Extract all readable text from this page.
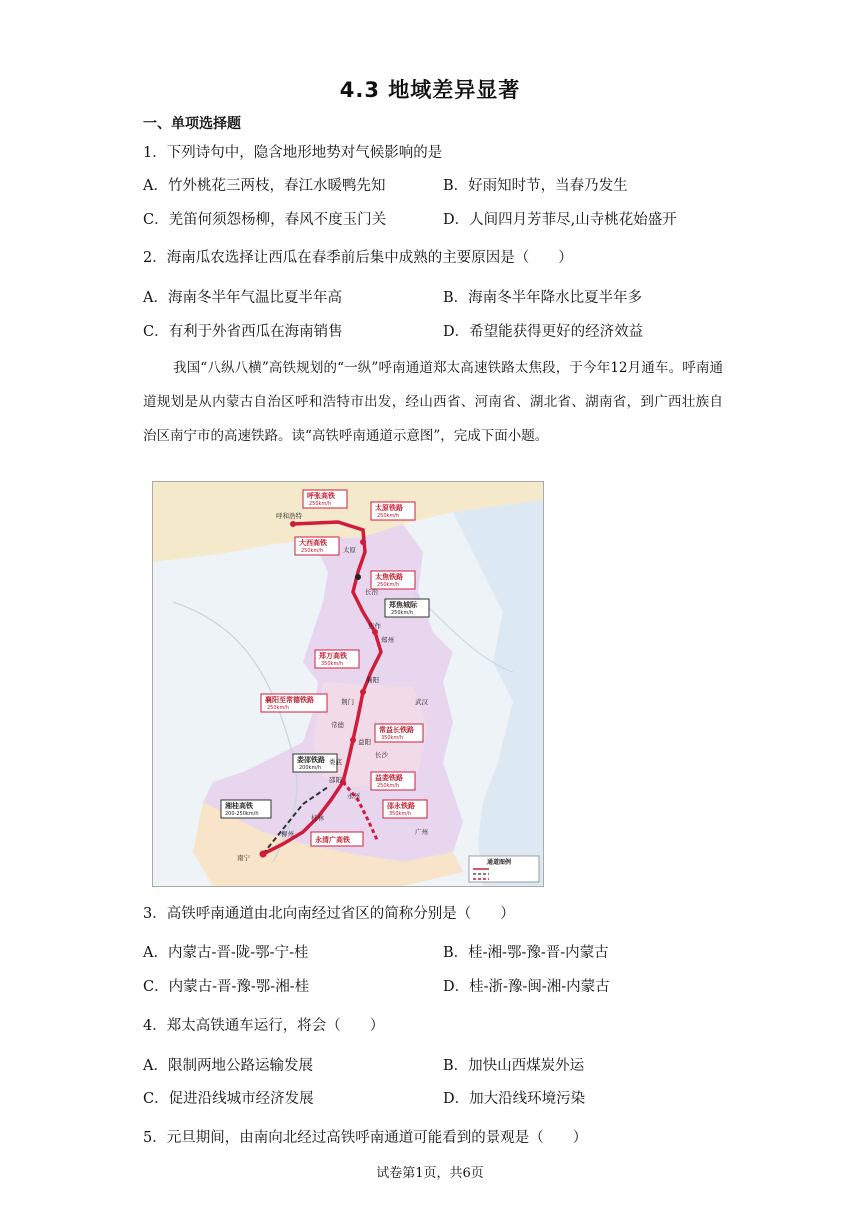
4.3 地域差异显著
一、单项选择题
1．下列诗句中，隐含地形地势对气候影响的是
A．竹外桃花三两枝，春江水暖鸭先知	B．好雨知时节，当春乃发生
C．羌笛何须怨杨柳，春风不度玉门关	D．人间四月芳菲尽,山寺桃花始盛开
2．海南瓜农选择让西瓜在春季前后集中成熟的主要原因是（　　）
A．海南冬半年气温比夏半年高	B．海南冬半年降水比夏半年多
C．有利于外省西瓜在海南销售	D．希望能获得更好的经济效益
我国“八纵八横”高铁规划的“一纵”呼南通道郑太高速铁路太焦段，于今年12月通车。呼南通道规划是从内蒙古自治区呼和浩特市出发，经山西省、河南省、湖北省、湖南省，到广西壮族自治区南宁市的高速铁路。读“高铁呼南通道示意图”，完成下面小题。
呼张高铁
250km/h
大西高铁
250km/h
太原铁路
250km/h
太焦铁路
250km/h
郑焦城际
250km/h
郑万高铁
350km/h
襄阳至常德铁路
250km/h
常益长铁路
350km/h
娄邵铁路
200km/h
益娄铁路
250km/h
湘桂高铁
200-250km/h
邵永铁路
350km/h
永清广高铁
呼和浩特
太原
长治
焦作
郑州
襄阳
荆门	武汉
常德
益阳
长沙
娄底
邵阳
永州
桂林
柳州
南宁
广州
通道图例
3．高铁呼南通道由北向南经过省区的简称分别是（　　）
A．内蒙古-晋-陇-鄂-宁-桂	B．桂-湘-鄂-豫-晋-内蒙古
C．内蒙古-晋-豫-鄂-湘-桂	D．桂-浙-豫-闽-湘-内蒙古
4．郑太高铁通车运行，将会（　　）
A．限制两地公路运输发展	B．加快山西煤炭外运
C．促进沿线城市经济发展	D．加大沿线环境污染
5．元旦期间，由南向北经过高铁呼南通道可能看到的景观是（　　）
试卷第1页，共6页
